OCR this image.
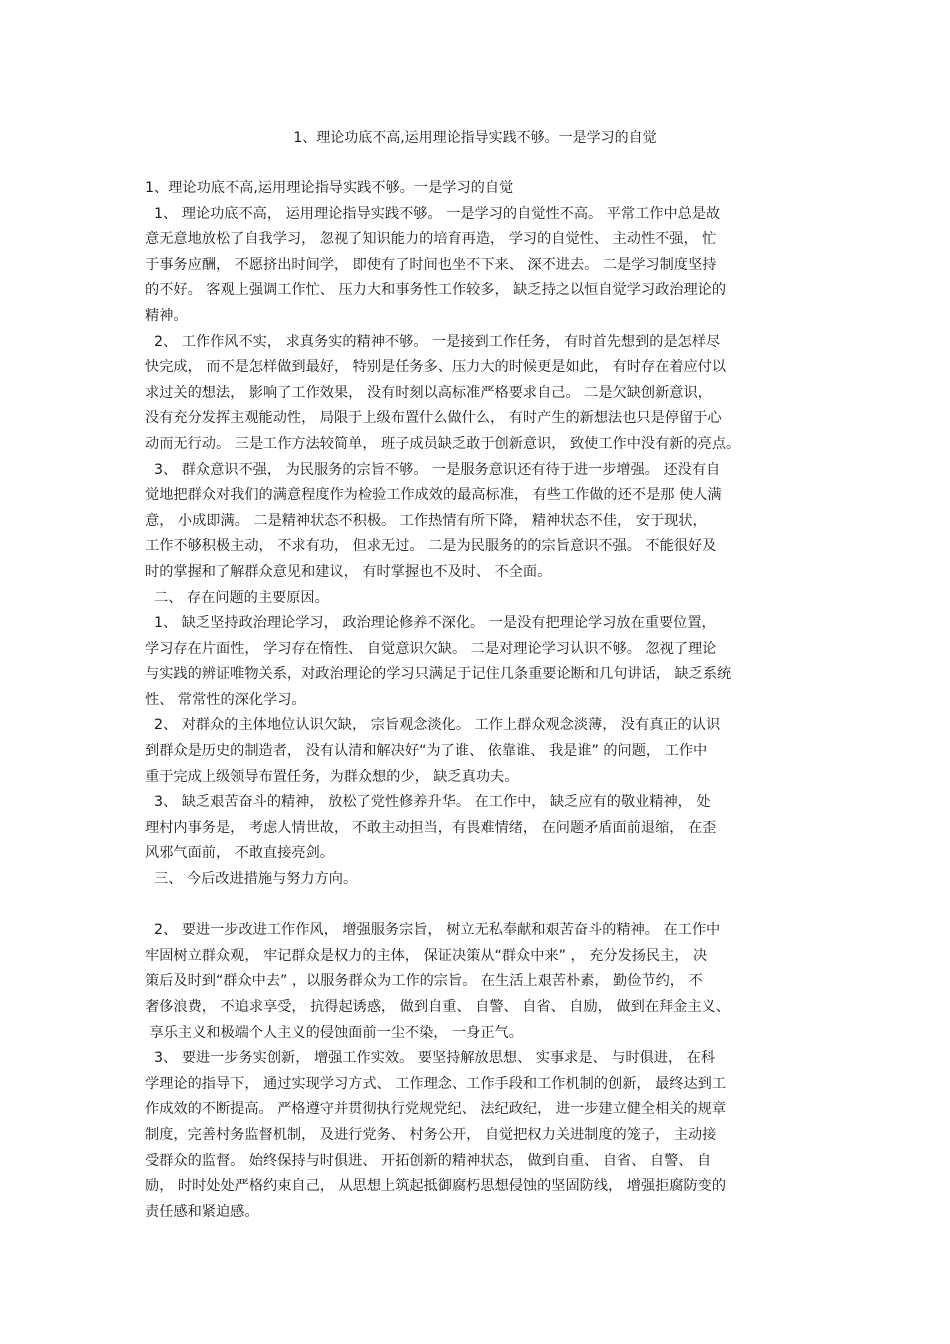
1、理论功底不高,运用理论指导实践不够。一是学习的自觉
1、理论功底不高,运用理论指导实践不够。一是学习的自觉
1、 理论功底不高， 运用理论指导实践不够。 一是学习的自觉性不高。 平常工作中总是故
意无意地放松了自我学习， 忽视了知识能力的培育再造， 学习的自觉性、 主动性不强， 忙
于事务应酬， 不愿挤出时间学， 即使有了时间也坐不下来、 深不进去。 二是学习制度坚持
的不好。 客观上强调工作忙、 压力大和事务性工作较多， 缺乏持之以恒自觉学习政治理论的
精神。
2、 工作作风不实， 求真务实的精神不够。 一是接到工作任务， 有时首先想到的是怎样尽
快完成， 而不是怎样做到最好， 特别是任务多、压力大的时候更是如此， 有时存在着应付以
求过关的想法， 影响了工作效果， 没有时刻以高标准严格要求自己。 二是欠缺创新意识，
没有充分发挥主观能动性， 局限于上级布置什么做什么， 有时产生的新想法也只是停留于心
动而无行动。 三是工作方法较简单， 班子成员缺乏敢于创新意识， 致使工作中没有新的亮点。
3、 群众意识不强， 为民服务的宗旨不够。 一是服务意识还有待于进一步增强。 还没有自
觉地把群众对我们的满意程度作为检验工作成效的最高标准， 有些工作做的还不是那 使人满
意， 小成即满。 二是精神状态不积极。 工作热情有所下降， 精神状态不佳， 安于现状，
工作不够积极主动， 不求有功， 但求无过。 二是为民服务的的宗旨意识不强。 不能很好及
时的掌握和了解群众意见和建议， 有时掌握也不及时、 不全面。
二、 存在问题的主要原因。
1、 缺乏坚持政治理论学习， 政治理论修养不深化。 一是没有把理论学习放在重要位置，
学习存在片面性， 学习存在惰性、 自觉意识欠缺。 二是对理论学习认识不够。 忽视了理论
与实践的辨证唯物关系，对政治理论的学习只满足于记住几条重要论断和几句讲话， 缺乏系统
性、 常常性的深化学习。
2、 对群众的主体地位认识欠缺， 宗旨观念淡化。 工作上群众观念淡薄， 没有真正的认识
到群众是历史的制造者， 没有认清和解决好“为了谁、 依靠谁、 我是谁” 的问题， 工作中
重于完成上级领导布置任务，为群众想的少， 缺乏真功夫。
3、 缺乏艰苦奋斗的精神， 放松了党性修养升华。 在工作中， 缺乏应有的敬业精神， 处
理村内事务是， 考虑人情世故， 不敢主动担当，有畏难情绪， 在问题矛盾面前退缩， 在歪
风邪气面前， 不敢直接亮剑。
三、 今后改进措施与努力方向。
2、 要进一步改进工作作风， 增强服务宗旨， 树立无私奉献和艰苦奋斗的精神。 在工作中
牢固树立群众观， 牢记群众是权力的主体， 保证决策从“群众中来” ， 充分发扬民主， 决
策后及时到“群众中去” ，以服务群众为工作的宗旨。 在生活上艰苦朴素， 勤俭节约， 不
奢侈浪费， 不追求享受， 抗得起诱惑， 做到自重、 自警、 自省、 自励， 做到在拜金主义、
享乐主义和极端个人主义的侵蚀面前一尘不染， 一身正气。
3、 要进一步务实创新， 增强工作实效。 要坚持解放思想、 实事求是、 与时俱进， 在科
学理论的指导下， 通过实现学习方式、 工作理念、工作手段和工作机制的创新， 最终达到工
作成效的不断提高。 严格遵守并贯彻执行党规党纪、 法纪政纪， 进一步建立健全相关的规章
制度，完善村务监督机制， 及进行党务、 村务公开， 自觉把权力关进制度的笼子， 主动接
受群众的监督。 始终保持与时俱进、 开拓创新的精神状态， 做到自重、 自省、 自警、 自
励， 时时处处严格约束自己， 从思想上筑起抵御腐朽思想侵蚀的坚固防线， 增强拒腐防变的
责任感和紧迫感。
